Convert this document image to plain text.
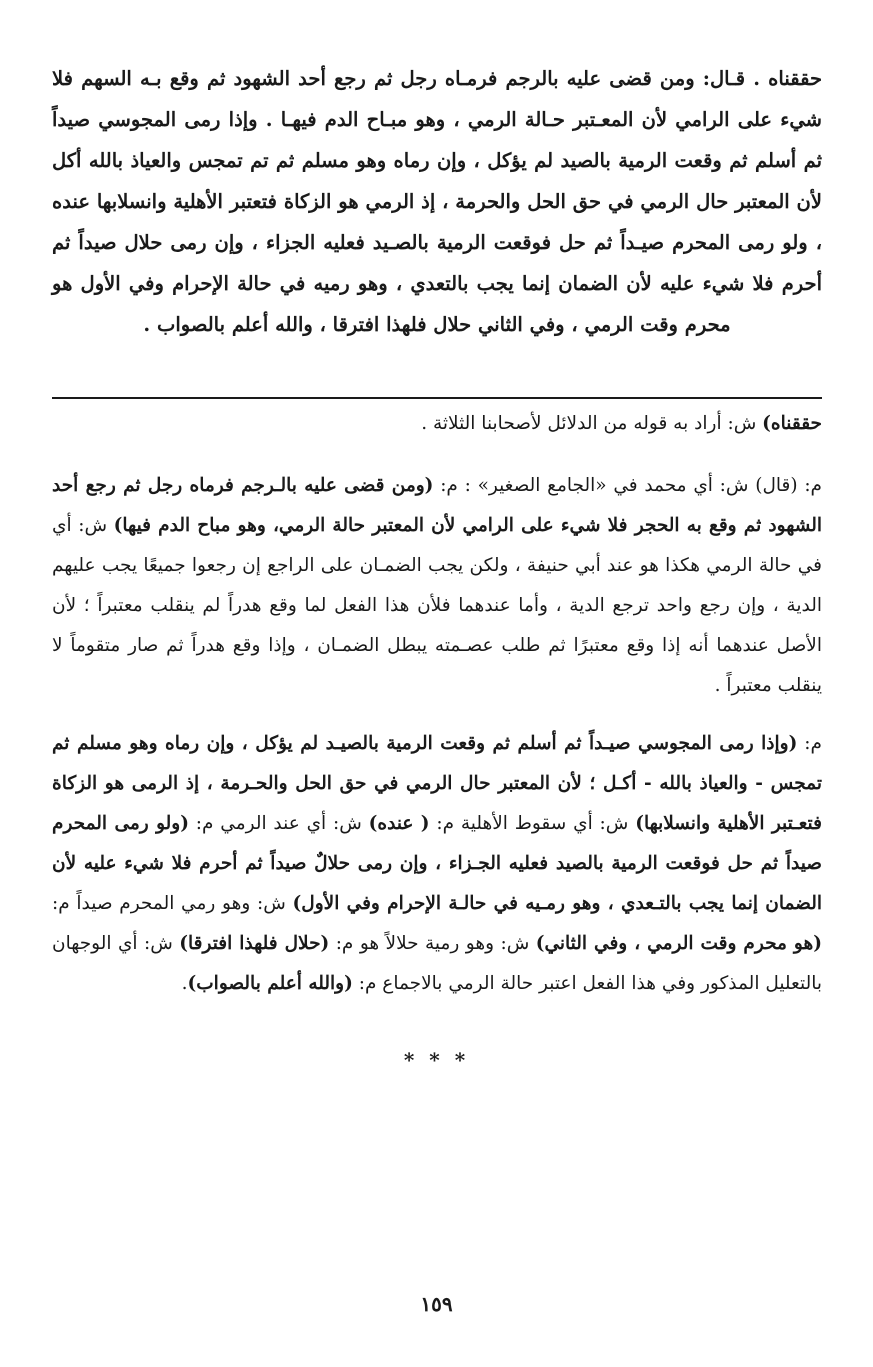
حققناه . قـال: ومن قضى عليه بالرجم فرمـاه رجل ثم رجع أحد الشهود ثم وقع بـه السهم فلا شيء على الرامي لأن المعـتبر حـالة الرمي ، وهو مبـاح الدم فيهـا . وإذا رمى المجوسي صيداً ثم أسلم ثم وقعت الرمية بالصيد لم يؤكل ، وإن رماه وهو مسلم ثم تم تمجس والعياذ بالله أكل لأن المعتبر حال الرمي في حق الحل والحرمة ، إذ الرمي هو الزكاة فتعتبر الأهلية وانسلابها عنده ، ولو رمى المحرم صيـداً ثم حل فوقعت الرمية بالصـيد فعليه الجزاء ، وإن رمى حلال صيداً ثم أحرم فلا شيء عليه لأن الضمان إنما يجب بالتعدي ، وهو رميه في حالة الإحرام وفي الأول هو محرم وقت الرمي ، وفي الثاني حلال فلهذا افترقا ، والله أعلم بالصواب .

حققناه) ش: أراد به قوله من الدلائل لأصحابنا الثلاثة .

م: (قال) ش: أي محمد في «الجامع الصغير» : م: (ومن قضى عليه بالـرجم فرماه رجل ثم رجع أحد الشهود ثم وقع به الحجر فلا شيء على الرامي لأن المعتبر حالة الرمي، وهو مباح الدم فيها) ش: أي في حالة الرمي هكذا هو عند أبي حنيفة ، ولكن يجب الضمـان على الراجع إن رجعوا جميعًا يجب عليهم الدية ، وإن رجع واحد ترجع الدية ، وأما عندهما فلأن هذا الفعل لما وقع هدراً لم ينقلب معتبراً ؛ لأن الأصل عندهما أنه إذا وقع معتبرًا ثم طلب عصـمته يبطل الضمـان ، وإذا وقع هدراً ثم صار متقوماً لا ينقلب معتبراً .

م: (وإذا رمى المجوسي صيـداً ثم أسلم ثم وقعت الرمية بالصيـد لم يؤكل ، وإن رماه وهو مسلم ثم تمجس - والعياذ بالله - أكـل ؛ لأن المعتبر حال الرمي في حق الحل والحـرمة ، إذ الرمى هو الزكاة فتعـتبر الأهلية وانسلابها) ش: أي سقوط الأهلية م: ( عنده) ش: أي عند الرمي م: (ولو رمى المحرم صيداً ثم حل فوقعت الرمية بالصيد فعليه الجـزاء ، وإن رمى حلالٌ صيداً ثم أحرم فلا شيء عليه لأن الضمان إنما يجب بالتـعدي ، وهو رمـيه في حالـة الإحرام وفي الأول) ش: وهو رمي المحرم صيداً م: (هو محرم وقت الرمي ، وفي الثاني) ش: وهو رمية حلالاً هو م: (حلال فلهذا افترقا) ش: أي الوجهان بالتعليل المذكور وفي هذا الفعل اعتبر حالة الرمي بالاجماع م: (والله أعلم بالصواب).

* * *
١٥٩
